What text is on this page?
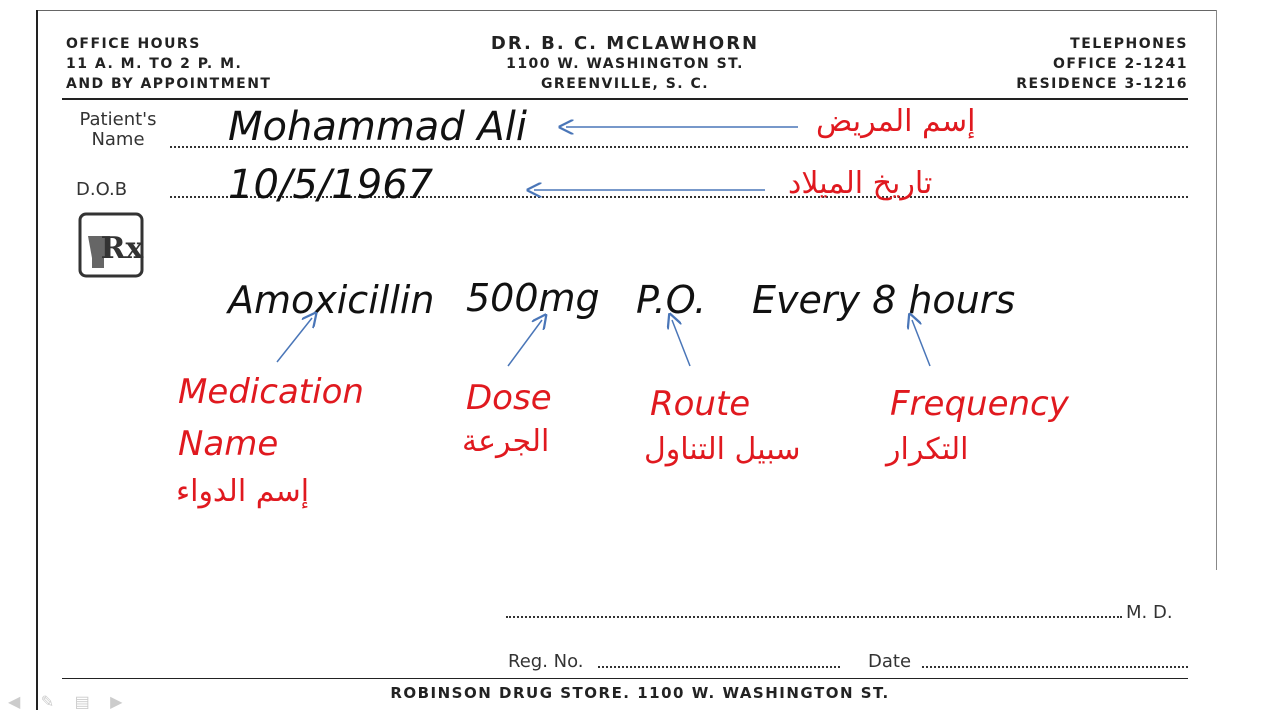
OFFICE HOURS
11 A. M. TO 2 P. M.
AND BY APPOINTMENT
DR. B. C. MCLAWHORN
1100 W. WASHINGTON ST.
GREENVILLE, S. C.
TELEPHONES
OFFICE 2-1241
RESIDENCE 3-1216
Patient's
Name	Mohammad Ali	إسم المريض
D.O.B	10/5/1967	تاريخ الميلاد
Rx
Amoxicillin 500mg P.O. Every 8 hours
Medication
Name
إسم الدواء
Dose
الجرعة
Route
سبيل التناول
Frequency
التكرار
M. D.
Reg. No.	Date
ROBINSON DRUG STORE. 1100 W. WASHINGTON ST.
◀ ✎ ▤ ▶
